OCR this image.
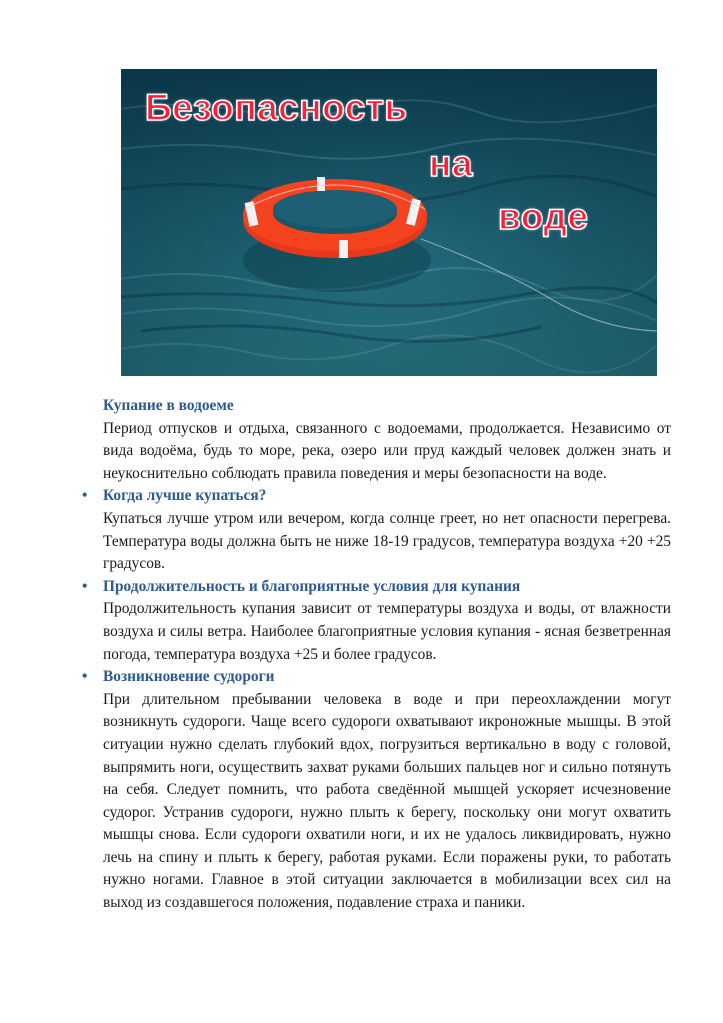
Безопасность
на
воде

Купание в водоеме

Период отпусков и отдыха, связанного с водоемами, продолжается. Независимо от вида водоёма, будь то море, река, озеро или пруд каждый человек должен знать и неукоснительно соблюдать правила поведения и меры безопасности на воде.

• Когда лучше купаться?

Купаться лучше утром или вечером, когда солнце греет, но нет опасности перегрева. Температура воды должна быть не ниже 18-19 градусов, температура воздуха +20 +25 градусов.

• Продолжительность и благоприятные условия для купания

Продолжительность купания зависит от температуры воздуха и воды, от влажности воздуха и силы ветра. Наиболее благоприятные условия купания - ясная безветренная погода, температура воздуха +25 и более градусов.

• Возникновение судороги

При длительном пребывании человека в воде и при переохлаждении могут возникнуть судороги. Чаще всего судороги охватывают икроножные мышцы. В этой ситуации нужно сделать глубокий вдох, погрузиться вертикально в воду с головой, выпрямить ноги, осуществить захват руками больших пальцев ног и сильно потянуть на себя. Следует помнить, что работа сведённой мышцей ускоряет исчезновение судорог. Устранив судороги, нужно плыть к берегу, поскольку они могут охватить мышцы снова. Если судороги охватили ноги, и их не удалось ликвидировать, нужно лечь на спину и плыть к берегу, работая руками. Если поражены руки, то работать нужно ногами. Главное в этой ситуации заключается в мобилизации всех сил на выход из создавшегося положения, подавление страха и паники.
